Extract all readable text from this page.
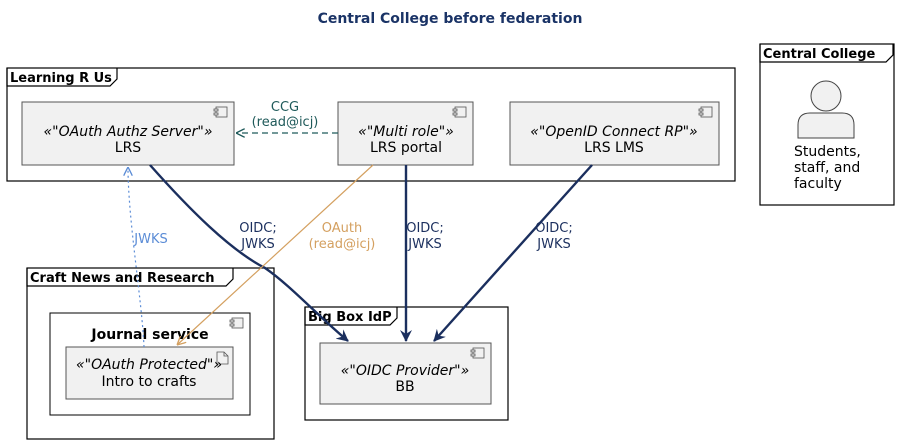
Central College before federation
Learning R Us
Central College
Craft News and Research
Big Box IdP
«"OAuth Authz Server"»
LRS
«"Multi role"»
LRS portal
«"OpenID Connect RP"»
LRS LMS	Students,
staff, and
faculty
Journal service
«"OAuth Protected"»
Intro to crafts
«"OIDC Provider"»
BB
CCG
(read@icj)
JWKS
OIDC;
JWKS
OAuth
(read@icj)
OIDC;
JWKS
OIDC;
JWKS
